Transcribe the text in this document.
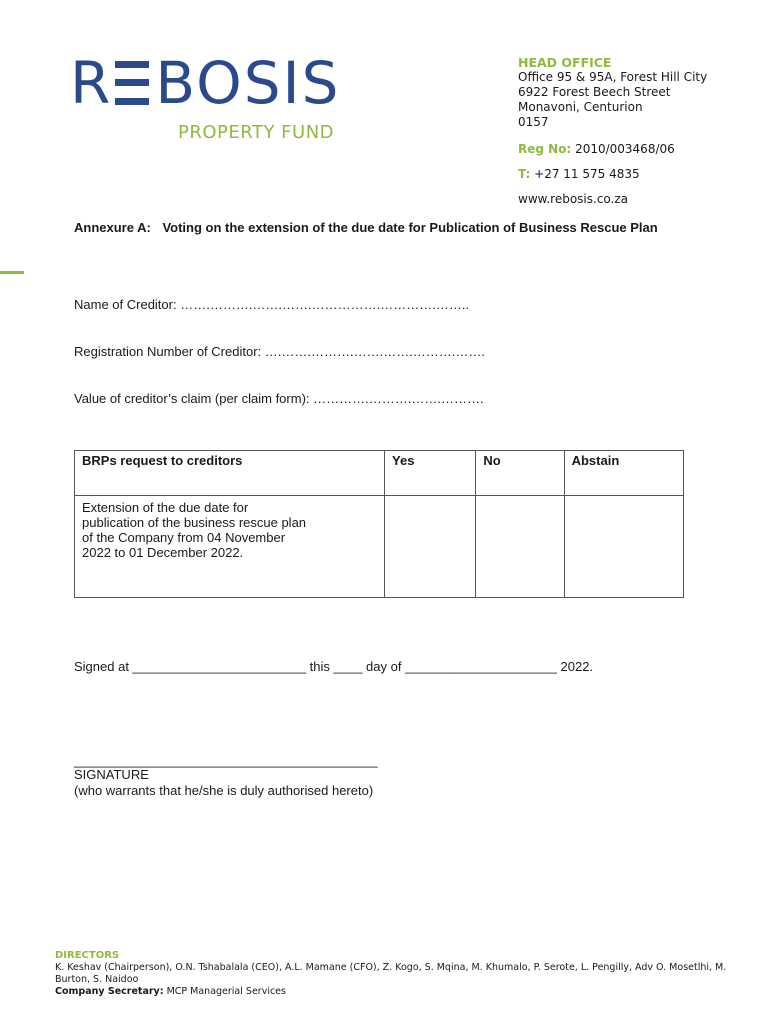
R BOSIS
PROPERTY FUND
HEAD OFFICE
Office 95 & 95A, Forest Hill City
6922 Forest Beech Street
Monavoni, Centurion
0157
Reg No: 2010/003468/06
T: +27 11 575 4835
www.rebosis.co.za
Annexure A: Voting on the extension of the due date for Publication of Business Rescue Plan
Name of Creditor: …….……….…….…….…………….………….……..
Registration Number of Creditor: ….…….……….…….…….……….…….
Value of creditor’s claim (per claim form): ………….……….…….……….
BRPs request to creditors	Yes	No	Abstain

Extension of the due date for publication of the business rescue plan of the Company from 04 November 2022 to 01 December 2022.			

Signed at ________________________ this ____ day of _____________________ 2022.
__________________________________________
SIGNATURE
(who warrants that he/she is duly authorised hereto)
DIRECTORS
K. Keshav (Chairperson), O.N. Tshabalala (CEO), A.L. Mamane (CFO), Z. Kogo, S. Mqina, M. Khumalo, P. Serote, L. Pengilly, Adv O. Mosetlhi, M. Burton, S. Naidoo
Company Secretary: MCP Managerial Services
